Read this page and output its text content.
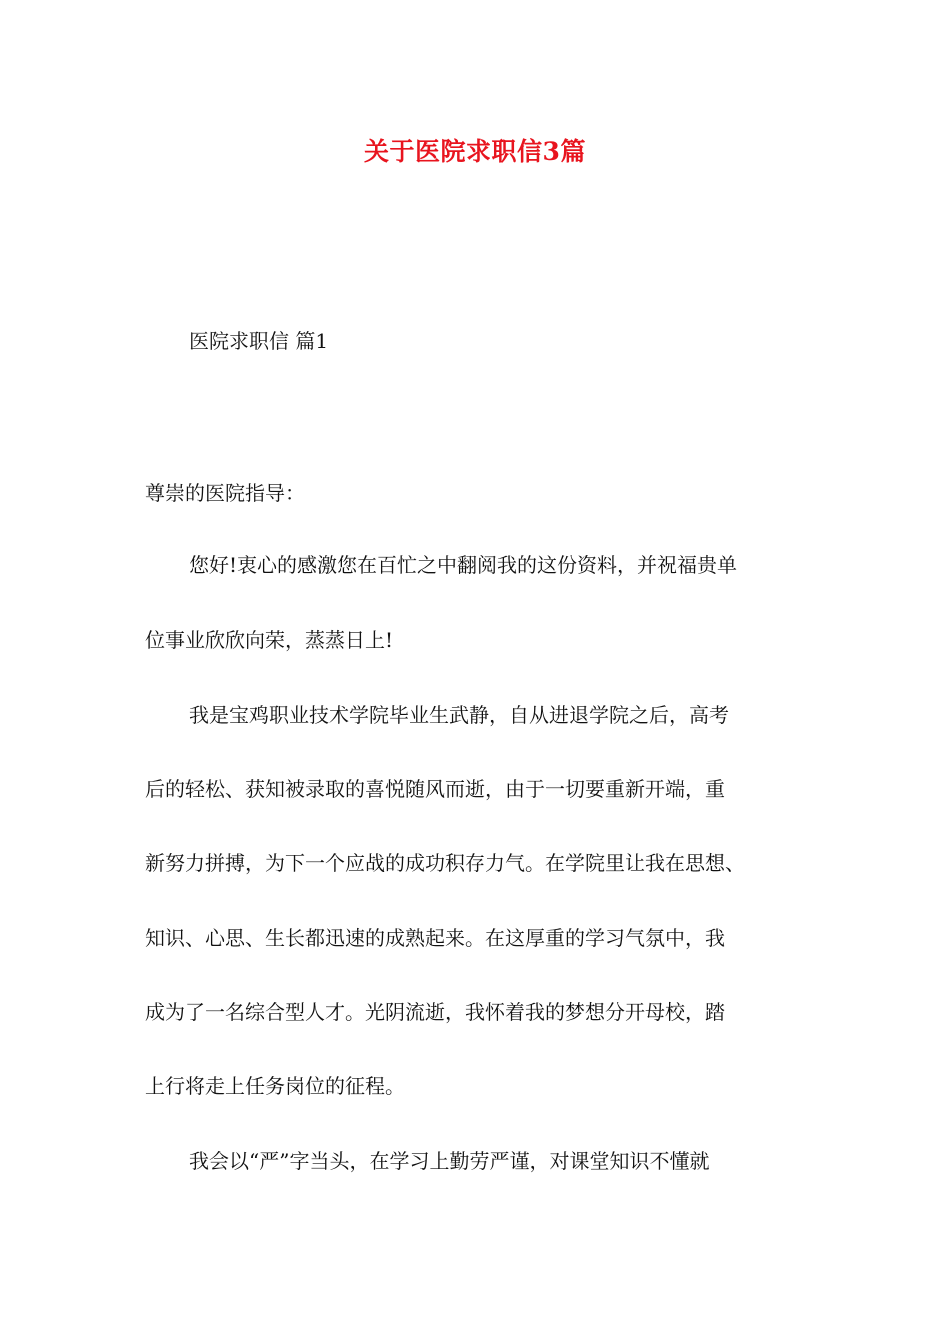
关于医院求职信3篇
医院求职信 篇1
尊崇的医院指导：
您好!衷心的感激您在百忙之中翻阅我的这份资料，并祝福贵单
位事业欣欣向荣，蒸蒸日上!
我是宝鸡职业技术学院毕业生武静，自从进退学院之后，高考
后的轻松、获知被录取的喜悦随风而逝，由于一切要重新开端，重
新努力拼搏，为下一个应战的成功积存力气。在学院里让我在思想、
知识、心思、生长都迅速的成熟起来。在这厚重的学习气氛中，我
成为了一名综合型人才。光阴流逝，我怀着我的梦想分开母校，踏
上行将走上任务岗位的征程。
我会以“严”字当头，在学习上勤劳严谨，对课堂知识不懂就
